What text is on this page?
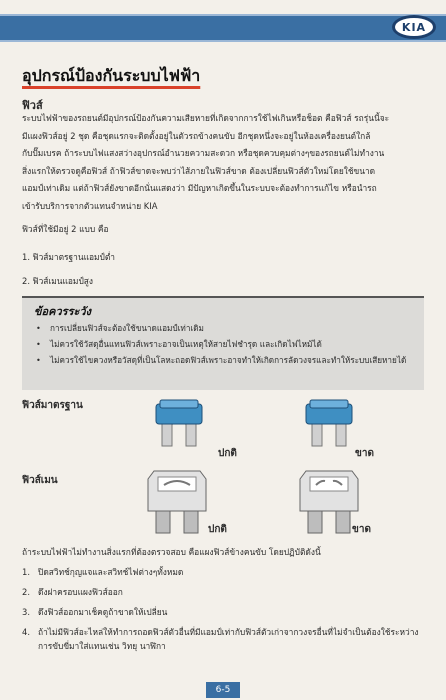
KIA
อุปกรณ์ป้องกันระบบไฟฟ้า
ฟิวส์

ระบบไฟฟ้าของรถยนต์มีอุปกรณ์ป้องกันความเสียหายที่เกิดจากการใช้ไฟเกินหรือช็อต คือฟิวส์ รถรุ่นนี้จะ
มีแผงฟิวส์อยู่ 2 ชุด คือชุดแรกจะติดตั้งอยู่ในตัวรถข้างคนขับ อีกชุดหนึ่งจะอยู่ในห้องเครื่องยนต์ใกล้
กับปั๊มเบรค ถ้าระบบไฟแสงสว่างอุปกรณ์อำนวยความสะดวก หรือชุดควบคุมต่างๆของรถยนต์ไม่ทำงาน
สิ่งแรกให้ตรวจดูคือฟิวส์ ถ้าฟิวส์ขาดจะพบว่าไส้ภายในฟิวส์ขาด ต้องเปลี่ยนฟิวส์ตัวใหม่โดยใช้ขนาด
แอมป์เท่าเดิม แต่ถ้าฟิวส์ยังขาดอีกนั่นแสดงว่า มีปัญหาเกิดขึ้นในระบบจะต้องทำการแก้ไข หรือนำรถ
เข้ารับบริการจากตัวแทนจำหน่าย KIA

ฟิวส์ที่ใช้มีอยู่ 2 แบบ คือ
1. ฟิวส์มาตรฐานแอมป์ต่ำ
2. ฟิวส์เมนแอมป์สูง
ข้อควรระวัง
•	การเปลี่ยนฟิวส์จะต้องใช้ขนาดแอมป์เท่าเดิม
•	ไม่ควรใช้วัสดุอื่นแทนฟิวส์เพราะอาจเป็นเหตุให้สายไฟชำรุด และเกิดไฟไหม้ได้
•	ไม่ควรใช้ไขควงหรือวัสดุที่เป็นโลหะถอดฟิวส์เพราะอาจทำให้เกิดการลัดวงจรและทำให้ระบบเสียหายได้
ฟิวส์มาตรฐาน
ปกติ	ขาด
ฟิวส์เมน
ปกติ	ขาด
ถ้าระบบไฟฟ้าไม่ทำงานสิ่งแรกที่ต้องตรวจสอบ คือแผงฟิวส์ข้างคนขับ โดยปฏิบัติดังนี้
1. ปิดสวิทช์กุญแจและสวิทช์ไฟต่างๆทั้งหมด
2. ดึงฝาครอบแผงฟิวส์ออก
3. ดึงฟิวส์ออกมาเช็คดูถ้าขาดให้เปลี่ยน
4. ถ้าไม่มีฟิวส์อะไหล่ให้ทำการถอดฟิวส์ตัวอื่นที่มีแอมป์เท่ากับฟิวส์ตัวเก่าจากวงจรอื่นที่ไม่จำเป็นต้องใช้ระหว่างการขับขี่มาใส่แทนเช่น วิทยุ นาฬิกา
6-5
